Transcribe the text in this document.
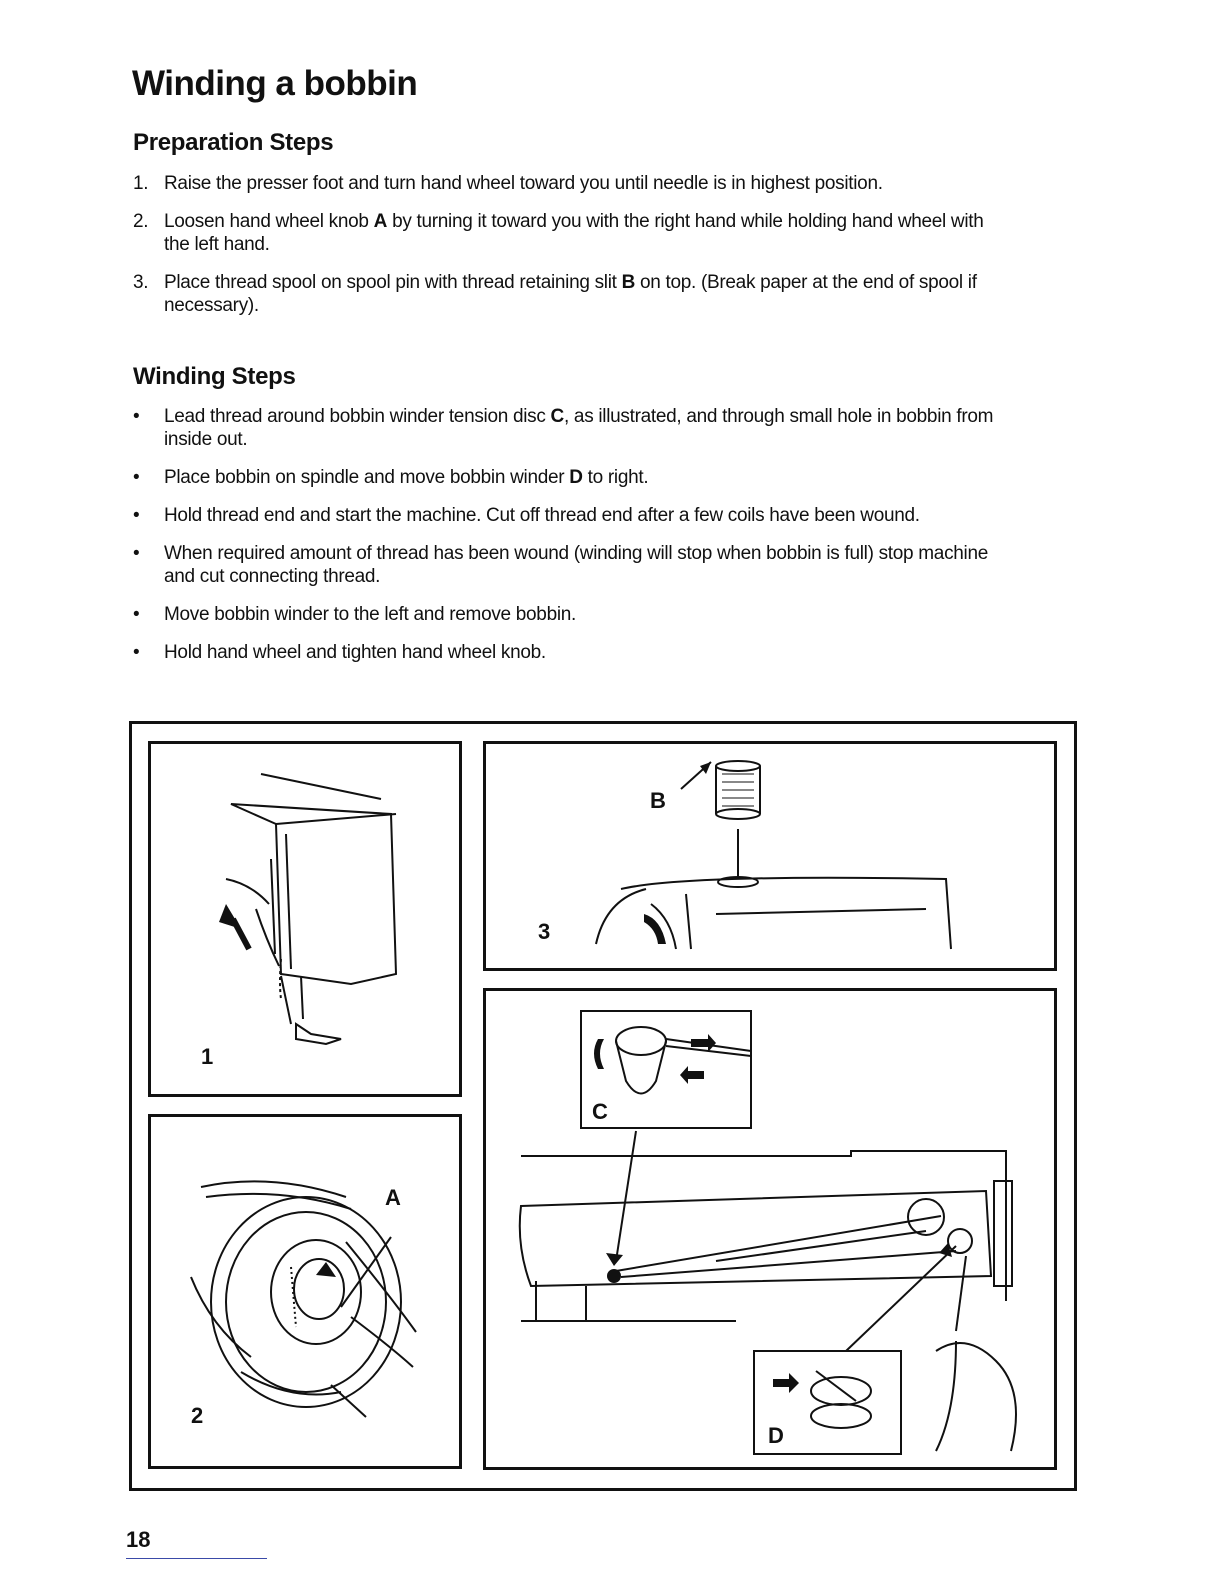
Winding a bobbin
Preparation Steps
1. Raise the presser foot and turn hand wheel toward you until needle is in highest position.
2. Loosen hand wheel knob A by turning it toward you with the right hand while holding hand wheel with the left hand.
3. Place thread spool on spool pin with thread retaining slit B on top. (Break paper at the end of spool if necessary).
Winding Steps
• Lead thread around bobbin winder tension disc C, as illustrated, and through small hole in bobbin from inside out.
• Place bobbin on spindle and move bobbin winder D to right.
• Hold thread end and start the machine. Cut off thread end after a few coils have been wound.
• When required amount of thread has been wound (winding will stop when bobbin is full) stop machine and cut connecting thread.
• Move bobbin winder to the left and remove bobbin.
• Hold hand wheel and tighten hand wheel knob.
1
A
2
B
3
C
D
18
